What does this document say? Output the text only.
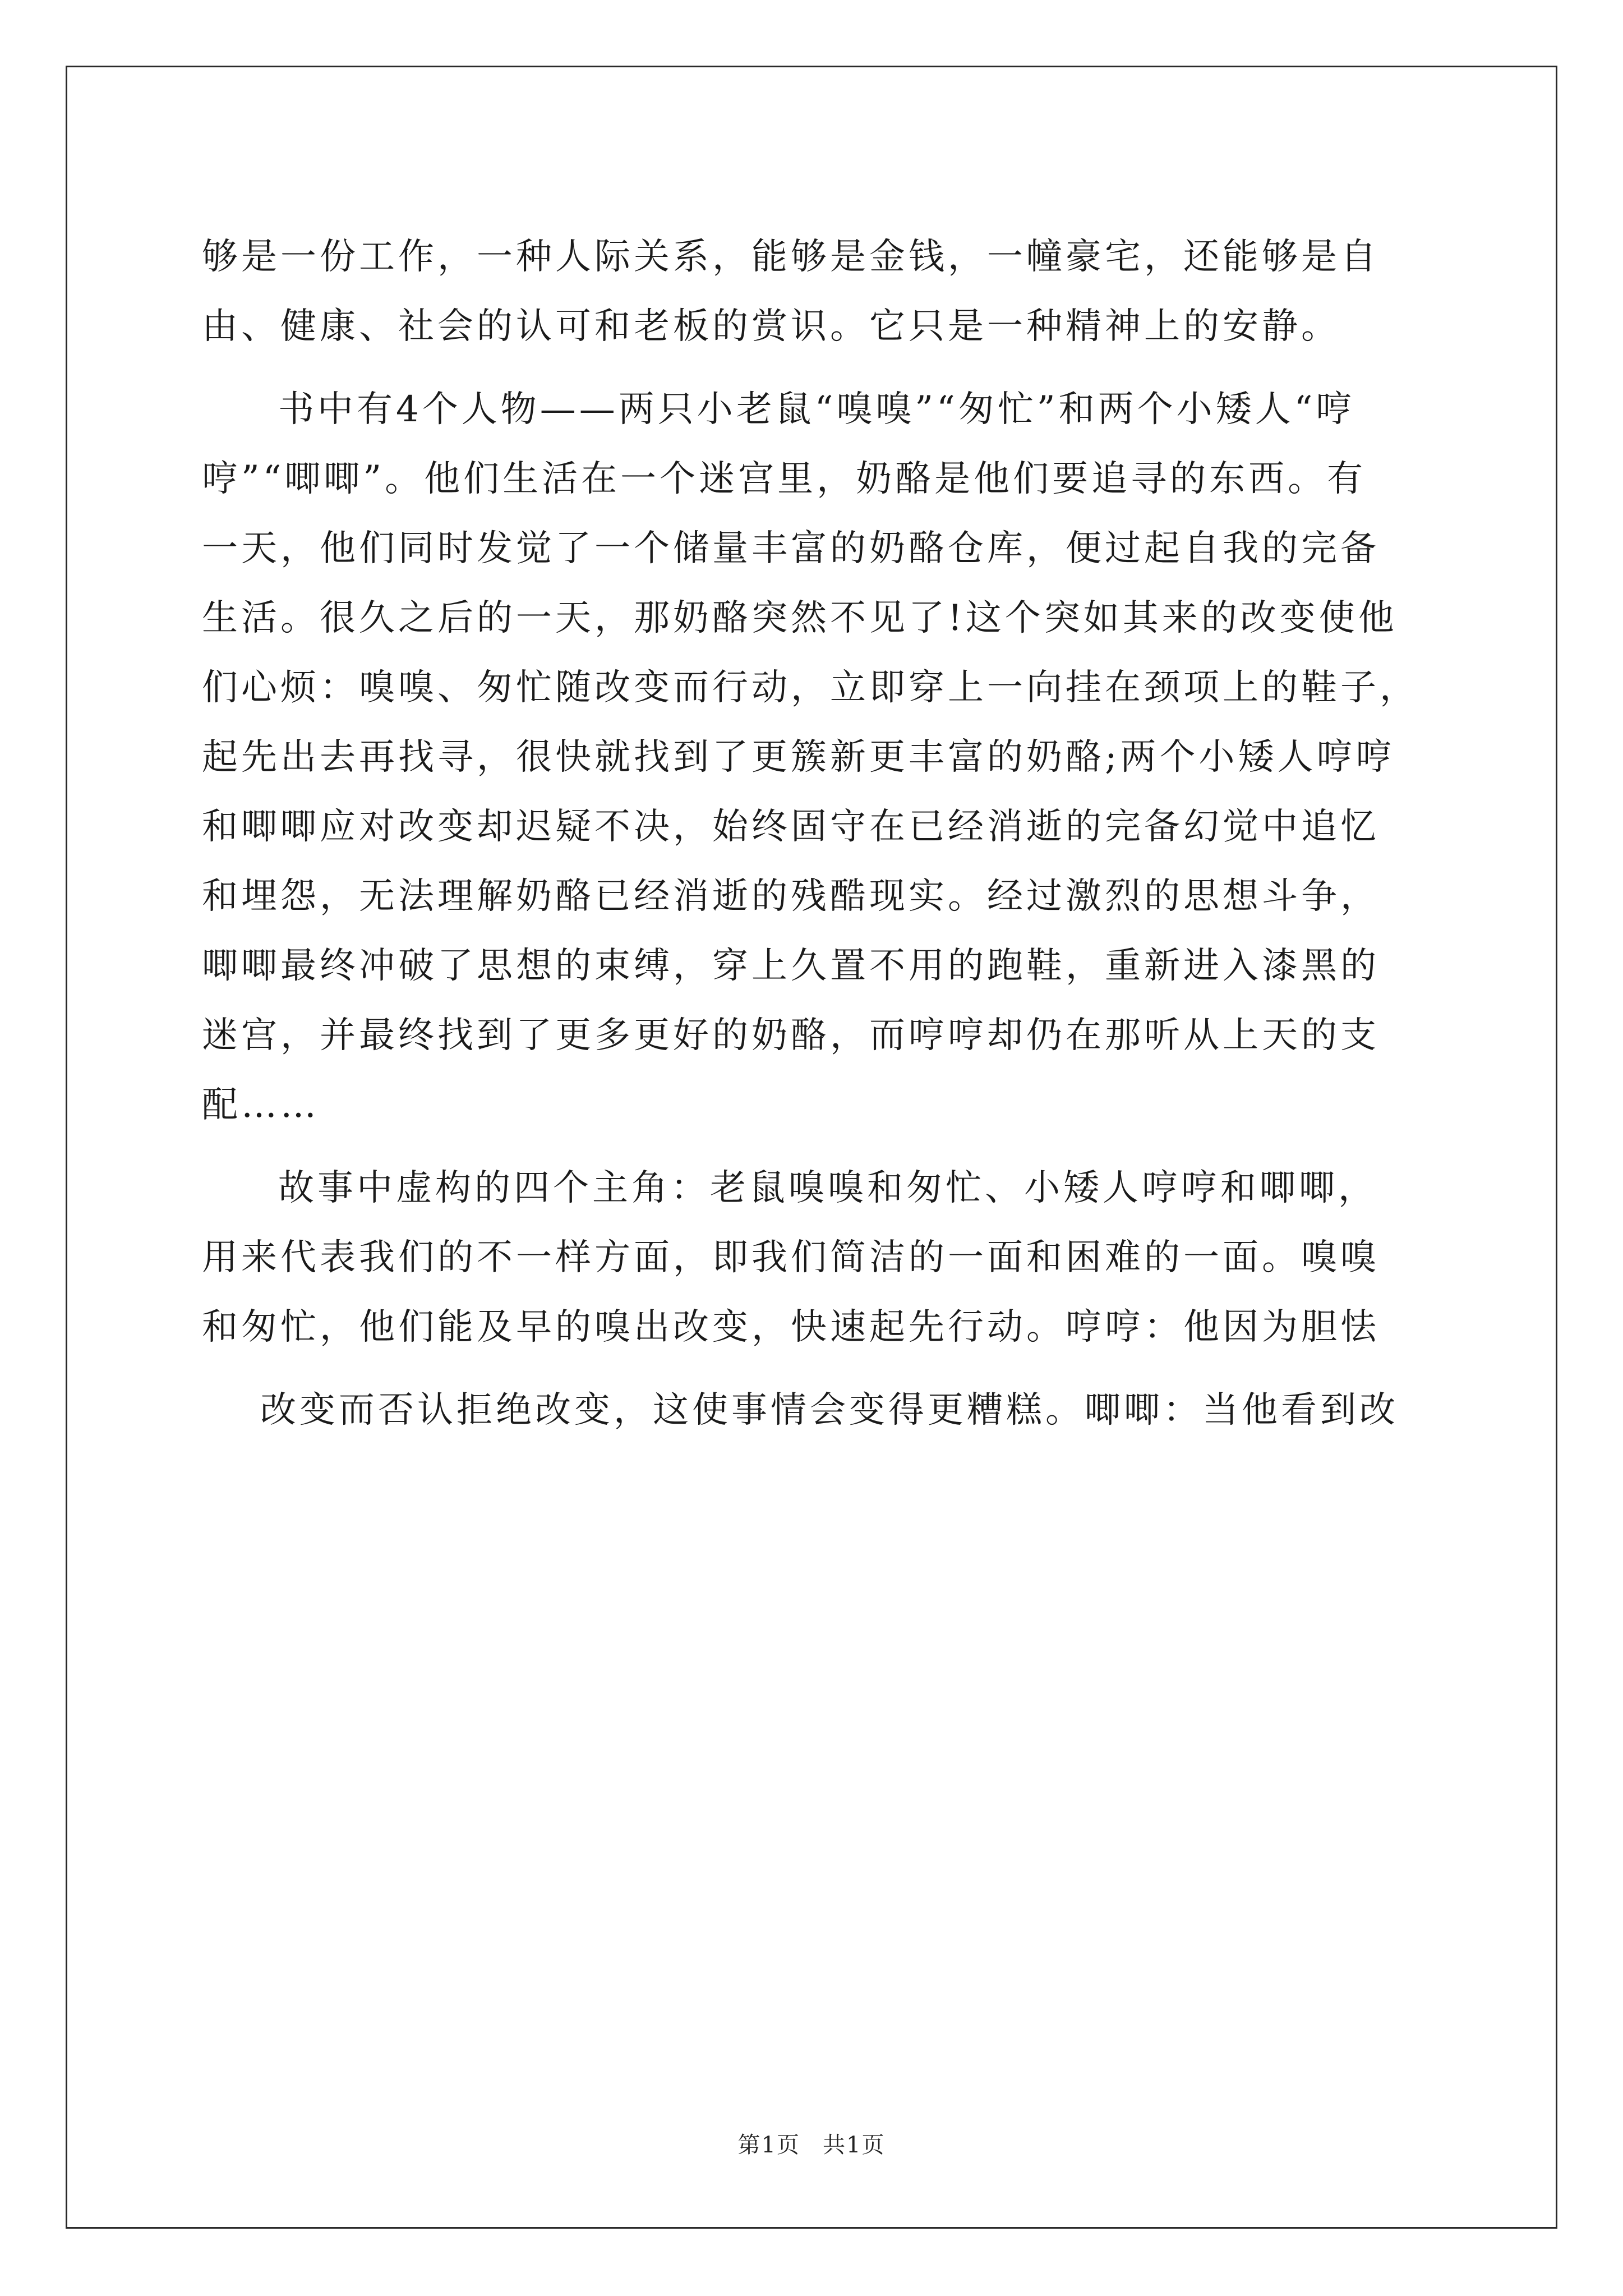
够是一份工作，一种人际关系，能够是金钱，一幢豪宅，还能够是自
由、健康、社会的认可和老板的赏识。它只是一种精神上的安静。
书中有4个人物——两只小老鼠“嗅嗅”“匆忙”和两个小矮人“哼
哼”“唧唧”。他们生活在一个迷宫里，奶酪是他们要追寻的东西。有
一天，他们同时发觉了一个储量丰富的奶酪仓库，便过起自我的完备
生活。很久之后的一天，那奶酪突然不见了!这个突如其来的改变使他
们心烦：嗅嗅、匆忙随改变而行动，立即穿上一向挂在颈项上的鞋子，
起先出去再找寻，很快就找到了更簇新更丰富的奶酪;两个小矮人哼哼
和唧唧应对改变却迟疑不决，始终固守在已经消逝的完备幻觉中追忆
和埋怨，无法理解奶酪已经消逝的残酷现实。经过激烈的思想斗争，
唧唧最终冲破了思想的束缚，穿上久置不用的跑鞋，重新进入漆黑的
迷宫，并最终找到了更多更好的奶酪，而哼哼却仍在那听从上天的支
配……
故事中虚构的四个主角：老鼠嗅嗅和匆忙、小矮人哼哼和唧唧，
用来代表我们的不一样方面，即我们简洁的一面和困难的一面。嗅嗅
和匆忙，他们能及早的嗅出改变，快速起先行动。哼哼：他因为胆怯
改变而否认拒绝改变，这使事情会变得更糟糕。唧唧：当他看到改
第1页 共1页
